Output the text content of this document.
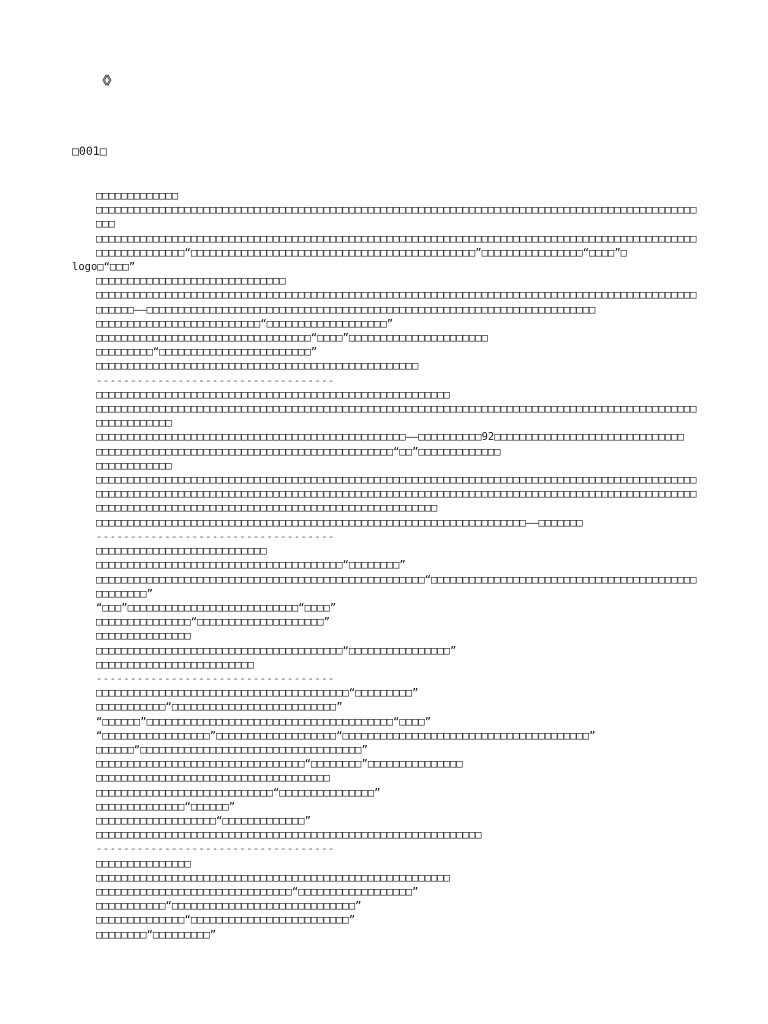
《》

□001□

□□□□□□□□□□□□□
□□□□□□□□□□□□□□□□□□□□□□□□□□□□□□□□□□□□□□□□□□□□□□□□□□□□□□□□□□□□□□□□□□□□□□□□□□□□□□□□□□□□□□□□□□□□□□□□□□
□□□□□□□□□□□□□□□□□□□□□□□□□□□□□□□□□□□□□□□□□□□□□□□□□□□□□□□□□□□□□□□□□□□□□□□□□□□□□□□□□□□□□□□□□□□□□□□□□□□□□□□□□□□□□“□□□□□□□□□□□□□□□□□□□□□□□□□□□□□□□□□□□□□□□□□□□□□”□□□□□□□□□□□□□□□□“□□□□”□
logo□“□□□”
□□□□□□□□□□□□□□□□□□□□□□□□□□□□□□
□□□□□□□□□□□□□□□□□□□□□□□□□□□□□□□□□□□□□□□□□□□□□□□□□□□□□□□□□□□□□□□□□□□□□□□□□□□□□□□□□□□□□□□□□□□□□□□□□□□□□——□□□□□□□□□□□□□□□□□□□□□□□□□□□□□□□□□□□□□□□□□□□□□□□□□□□□□□□□□□□□□□□□□□□□□□□
□□□□□□□□□□□□□□□□□□□□□□□□□□“□□□□□□□□□□□□□□□□□□□”
□□□□□□□□□□□□□□□□□□□□□□□□□□□□□□□□□□“□□□□”□□□□□□□□□□□□□□□□□□□□□□
□□□□□□□□□“□□□□□□□□□□□□□□□□□□□□□□□□”
□□□□□□□□□□□□□□□□□□□□□□□□□□□□□□□□□□□□□□□□□□□□□□□□□□□
-----------------------------------
□□□□□□□□□□□□□□□□□□□□□□□□□□□□□□□□□□□□□□□□□□□□□□□□□□□□□□□□
□□□□□□□□□□□□□□□□□□□□□□□□□□□□□□□□□□□□□□□□□□□□□□□□□□□□□□□□□□□□□□□□□□□□□□□□□□□□□□□□□□□□□□□□□□□□□□□□□□□□□□□□□□□
□□□□□□□□□□□□□□□□□□□□□□□□□□□□□□□□□□□□□□□□□□□□□□□□□——□□□□□□□□□□92□□□□□□□□□□□□□□□□□□□□□□□□□□□□□□
□□□□□□□□□□□□□□□□□□□□□□□□□□□□□□□□□□□□□□□□□□□□□□□“□□”□□□□□□□□□□□□□
□□□□□□□□□□□□
□□□□□□□□□□□□□□□□□□□□□□□□□□□□□□□□□□□□□□□□□□□□□□□□□□□□□□□□□□□□□□□□□□□□□□□□□□□□□□□□□□□□□□□□□□□□□□□□□□□□□□□□□□□□□□□□□□□□□□□□□□□□□□□□□□□□□□□□□□□□□□□□□□□□□□□□□□□□□□□□□□□□□□□□□□□□□□□□□□□□□□□□□□□□□□□□□□□□□□□□□□□□□□□□□□□□□□□□□□□□□□□□□□□□□□□□□□□□□□□□□□□□
□□□□□□□□□□□□□□□□□□□□□□□□□□□□□□□□□□□□□□□□□□□□□□□□□□□□□□□□□□□□□□□□□□□□——□□□□□□□
-----------------------------------
□□□□□□□□□□□□□□□□□□□□□□□□□□□
□□□□□□□□□□□□□□□□□□□□□□□□□□□□□□□□□□□□□□□“□□□□□□□□”
□□□□□□□□□□□□□□□□□□□□□□□□□□□□□□□□□□□□□□□□□□□□□□□□□□□□“□□□□□□□□□□□□□□□□□□□□□□□□□□□□□□□□□□□□□□□□□□□□□□□□□□”
“□□□”□□□□□□□□□□□□□□□□□□□□□□□□□□□“□□□□”
□□□□□□□□□□□□□□□“□□□□□□□□□□□□□□□□□□□□”
□□□□□□□□□□□□□□□
□□□□□□□□□□□□□□□□□□□□□□□□□□□□□□□□□□□□□□□“□□□□□□□□□□□□□□□□”
□□□□□□□□□□□□□□□□□□□□□□□□□
-----------------------------------
□□□□□□□□□□□□□□□□□□□□□□□□□□□□□□□□□□□□□□□□“□□□□□□□□□”
□□□□□□□□□□□“□□□□□□□□□□□□□□□□□□□□□□□□□□”
“□□□□□□”□□□□□□□□□□□□□□□□□□□□□□□□□□□□□□□□□□□□□□□“□□□□”
“□□□□□□□□□□□□□□□□□”□□□□□□□□□□□□□□□□□□□“□□□□□□□□□□□□□□□□□□□□□□□□□□□□□□□□□□□□□□□”
□□□□□□“□□□□□□□□□□□□□□□□□□□□□□□□□□□□□□□□□□□”
□□□□□□□□□□□□□□□□□□□□□□□□□□□□□□□□□“□□□□□□□□”□□□□□□□□□□□□□□□
□□□□□□□□□□□□□□□□□□□□□□□□□□□□□□□□□□□□□
□□□□□□□□□□□□□□□□□□□□□□□□□□□□“□□□□□□□□□□□□□□□”
□□□□□□□□□□□□□□“□□□□□□”
□□□□□□□□□□□□□□□□□□□“□□□□□□□□□□□□□”
□□□□□□□□□□□□□□□□□□□□□□□□□□□□□□□□□□□□□□□□□□□□□□□□□□□□□□□□□□□□□
-----------------------------------
□□□□□□□□□□□□□□□
□□□□□□□□□□□□□□□□□□□□□□□□□□□□□□□□□□□□□□□□□□□□□□□□□□□□□□□□
□□□□□□□□□□□□□□□□□□□□□□□□□□□□□□□“□□□□□□□□□□□□□□□□□□”
□□□□□□□□□□□“□□□□□□□□□□□□□□□□□□□□□□□□□□□□□”
□□□□□□□□□□□□□□“□□□□□□□□□□□□□□□□□□□□□□□□□”
□□□□□□□□“□□□□□□□□□”
